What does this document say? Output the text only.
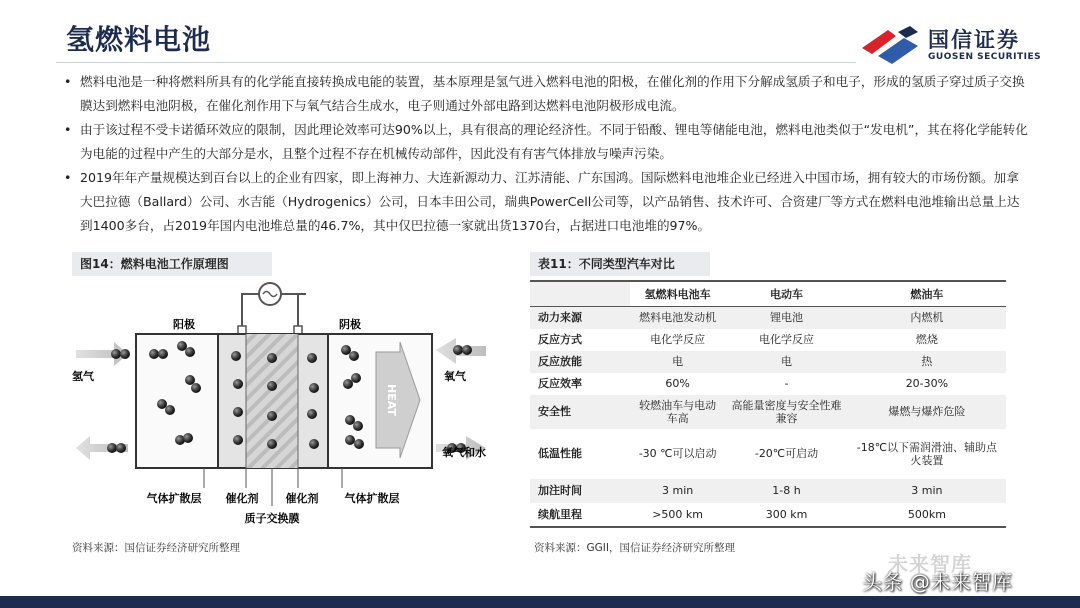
氢燃料电池	国信证券
GUOSEN SECURITIES
• 燃料电池是一种将燃料所具有的化学能直接转换成电能的装置，基本原理是氢气进入燃料电池的阳极，在催化剂的作用下分解成氢质子和电子，形成的氢质子穿过质子交换膜达到燃料电池阴极，在催化剂作用下与氧气结合生成水，电子则通过外部电路到达燃料电池阴极形成电流。
• 由于该过程不受卡诺循环效应的限制，因此理论效率可达90%以上，具有很高的理论经济性。不同于铅酸、锂电等储能电池，燃料电池类似于“发电机”，其在将化学能转化为电能的过程中产生的大部分是水，且整个过程不存在机械传动部件，因此没有有害气体排放与噪声污染。
• 2019年年产量规模达到百台以上的企业有四家，即上海神力、大连新源动力、江苏清能、广东国鸿。国际燃料电池堆企业已经进入中国市场，拥有较大的市场份额。加拿大巴拉德（Ballard）公司、水吉能（Hydrogenics）公司，日本丰田公司，瑞典PowerCell公司等，以产品销售、技术许可、合资建厂等方式在燃料电池堆输出总量上达到1400多台，占2019年国内电池堆总量的46.7%，其中仅巴拉德一家就出货1370台，占据进口电池堆的97%。
图14：燃料电池工作原理图
HEAT
阳极	阴极
氢气	氧气
氧气和水
气体扩散层 催化剂 催化剂 气体扩散层
质子交换膜
资料来源：国信证券经济研究所整理
表11：不同类型汽车对比
	氢燃料电池车	电动车	燃油车
动力来源	燃料电池发动机	锂电池	内燃机
反应方式	电化学反应	电化学反应	燃烧
反应放能	电	电	热
反应效率	60%	-	20-30%
安全性	较燃油车与电动车高	高能量密度与安全性难兼容	爆燃与爆炸危险
低温性能	-30 ℃可以启动	-20℃可启动	-18℃以下需润滑油、辅助点火装置
加注时间	3 min	1-8 h	3 min
续航里程	>500 km	300 km	500km
资料来源：GGII，国信证券经济研究所整理
未来智库
头条 @未来智库
